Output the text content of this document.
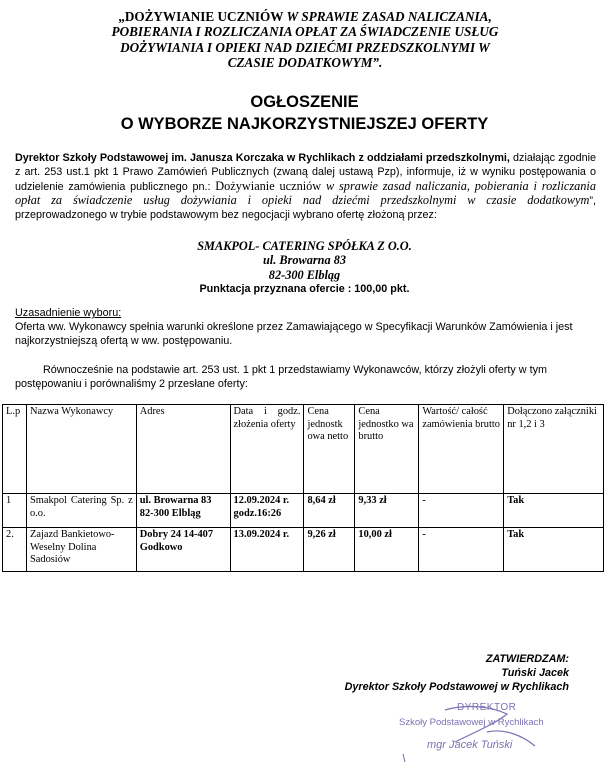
„DOŻYWIANIE UCZNIÓW W SPRAWIE ZASAD NALICZANIA,
POBIERANIA I ROZLICZANIA OPŁAT ZA ŚWIADCZENIE USŁUG
DOŻYWIANIA I OPIEKI NAD DZIEĆMI PRZEDSZKOLNYMI W
CZASIE DODATKOWYM”.
OGŁOSZENIE
O WYBORZE NAJKORZYSTNIEJSZEJ OFERTY
Dyrektor Szkoły Podstawowej im. Janusza Korczaka w Rychlikach z oddziałami przedszkolnymi, działając zgodnie z art. 253 ust.1 pkt 1 Prawo Zamówień Publicznych (zwaną dalej ustawą Pzp), informuje, iż w wyniku postępowania o udzielenie zamówienia publicznego pn.: Dożywianie uczniów w sprawie zasad naliczania, pobierania i rozliczania opłat za świadczenie usług dożywiania i opieki nad dziećmi przedszkolnymi w czasie dodatkowym”, przeprowadzonego w trybie podstawowym bez negocjacji wybrano ofertę złożoną przez:
SMAKPOL- CATERING SPÓŁKA Z O.O.
ul. Browarna 83
82-300 Elbląg
Punktacja przyznana ofercie : 100,00 pkt.
Uzasadnienie wyboru:
Oferta ww. Wykonawcy spełnia warunki określone przez Zamawiającego w Specyfikacji Warunków Zamówienia i jest najkorzystniejszą ofertą w ww. postępowaniu.
Równocześnie na podstawie art. 253 ust. 1 pkt 1 przedstawiamy Wykonawców, którzy złożyli oferty w tym postępowaniu i porównaliśmy 2 przesłane oferty:
L.p	Nazwa Wykonawcy	Adres	Data i godz. złożenia oferty	Cena jednostk owa netto	Cena jednostko wa brutto	Wartość/ całość zamówienia brutto	Dołączono załączniki nr 1,2 i 3
1	Smakpol Catering Sp. z o.o.	ul. Browarna 83 82-300 Elbląg	12.09.2024 r. godz.16:26	8,64 zł	9,33 zł	-	Tak
2.	Zajazd Bankietowo-Weselny Dolina Sadosiów	Dobry 24 14-407 Godkowo	13.09.2024 r.	9,26 zł	10,00 zł	-	Tak
ZATWIERDZAM:
Tuński Jacek
Dyrektor Szkoły Podstawowej w Rychlikach
DYREKTOR
Szkoły Podstawowej w Rychlikach
mgr Jacek Tuński
